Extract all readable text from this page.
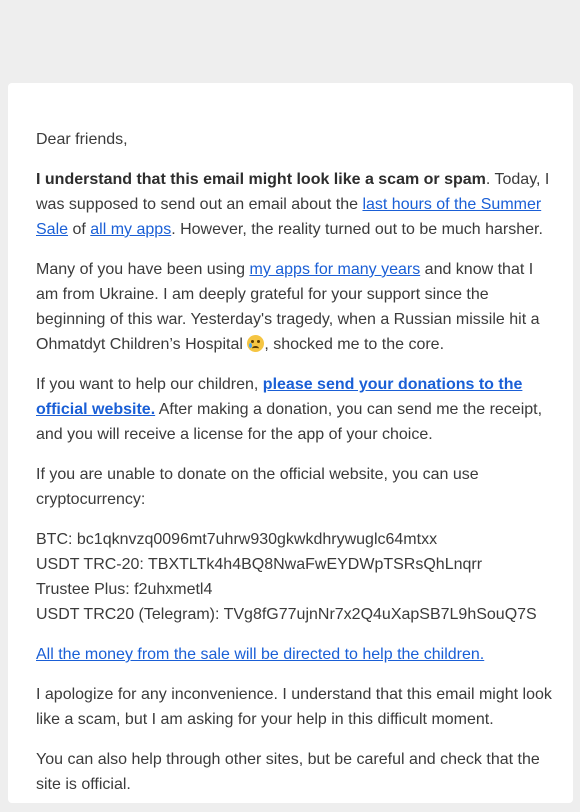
Dear friends,

I understand that this email might look like a scam or spam. Today, I was supposed to send out an email about the last hours of the Summer Sale of all my apps. However, the reality turned out to be much harsher.

Many of you have been using my apps for many years and know that I am from Ukraine. I am deeply grateful for your support since the beginning of this war. Yesterday's tragedy, when a Russian missile hit a Ohmatdyt Children’s Hospital
, shocked me to the core.

If you want to help our children, please send your donations to the official website. After making a donation, you can send me the receipt, and you will receive a license for the app of your choice.

If you are unable to donate on the official website, you can use cryptocurrency:

BTC: bc1qknvzq0096mt7uhrw930gkwkdhrywuglc64mtxx

USDT TRC-20: TBXTLTk4h4BQ8NwaFwEYDWpTSRsQhLnqrr

Trustee Plus: f2uhxmetl4

USDT TRC20 (Telegram): TVg8fG77ujnNr7x2Q4uXapSB7L9hSouQ7S

All the money from the sale will be directed to help the children.

I apologize for any inconvenience. I understand that this email might look like a scam, but I am asking for your help in this difficult moment.

You can also help through other sites, but be careful and check that the site is official.
